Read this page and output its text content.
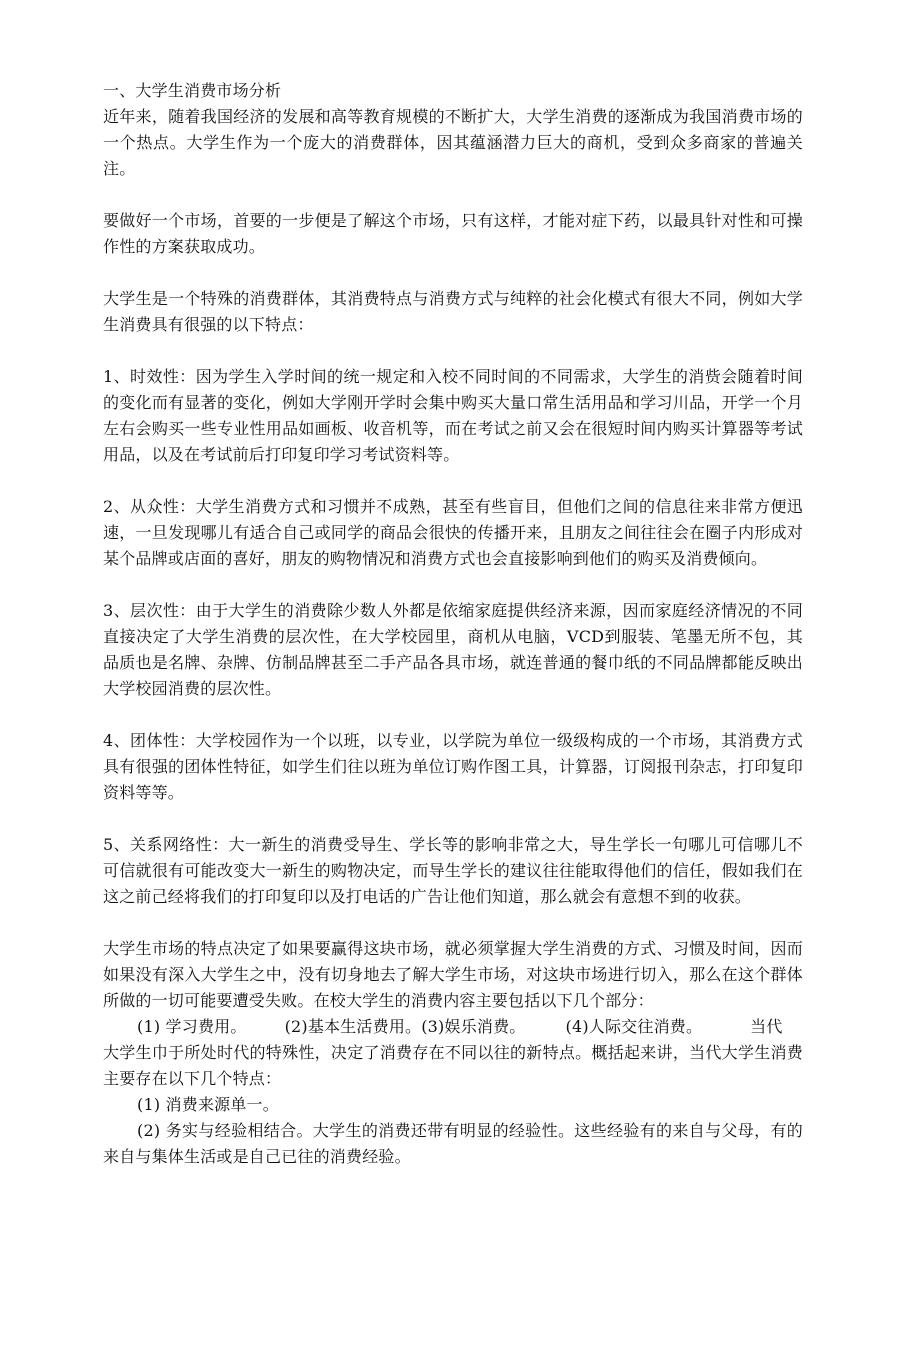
一、大学生消费市场分析

近年来，随着我国经济的发展和高等教育规模的不断扩大，大学生消费的逐渐成为我国消费市场的一个热点。大学生作为一个庞大的消费群体，因其蕴涵潜力巨大的商机，受到众多商家的普遍关注。

要做好一个市场，首要的一步便是了解这个市场，只有这样，才能对症下药，以最具针对性和可操作性的方案获取成功。

大学生是一个特殊的消费群体，其消费特点与消费方式与纯粹的社会化模式有很大不同，例如大学生消费具有很强的以下特点：

1、时效性：因为学生入学时间的统一规定和入校不同时间的不同需求，大学生的消赀会随着时间的变化而有显著的变化，例如大学刚开学时会集中购买大量口常生活用品和学习川品，开学一个月左右会购买一些专业性用品如画板、收音机等，而在考试之前又会在很短时间内购买计算器等考试用品，以及在考试前后打印复印学习考试资料等。

2、从众性：大学生消费方式和习惯并不成熟，甚至有些盲目，但他们之间的信息往来非常方便迅速，一旦发现哪儿有适合自己或同学的商品会很快的传播开来，且朋友之间往往会在圈子内形成对某个品牌或店面的喜好，朋友的购物情况和消费方式也会直接影响到他们的购买及消费倾向。

3、层次性：由于大学生的消费除少数人外都是依缩家庭提供经济来源，因而家庭经济情况的不同直接决定了大学生消费的层次性，在大学校园里，商机从电脑，VCD到服装、笔墨无所不包，其品质也是名牌、杂牌、仿制品牌甚至二手产品各具市场，就连普通的餐巾纸的不同品牌都能反映出大学校园消费的层次性。

4、团体性：大学校园作为一个以班，以专业，以学院为单位一级级构成的一个市场，其消费方式具有很强的团体性特征，如学生们往以班为单位订购作图工具，计算器，订阅报刊杂志，打印复印资料等等。

5、关系网络性：大一新生的消费受导生、学长等的影响非常之大，导生学长一句哪儿可信哪儿不可信就很有可能改变大一新生的购物决定，而导生学长的建议往往能取得他们的信任，假如我们在这之前己经将我们的打印复印以及打电话的广告让他们知道，那么就会有意想不到的收获。

大学生市场的特点决定了如果要赢得这块市场，就必须掌握大学生消费的方式、习惯及时间，因而如果没有深入大学生之中，没有切身地去了解大学生市场，对这块市场进行切入，那么在这个群体所做的一切可能要遭受失败。在校大学生的消费内容主要包括以下几个部分：

(1) 学习费用。 (2)基本生活费用。(3)娱乐消费。	(4)人际交往消费。	当代

大学生巾于所处时代的特殊性，决定了消费存在不同以往的新特点。概括起来讲，当代大学生消费主要存在以下几个特点：

(1) 消费来源单一。

(2) 务实与经验相结合。大学生的消费还带有明显的经验性。这些经验有的来自与父母，有的来自与集体生活或是自己已往的消费经验。
